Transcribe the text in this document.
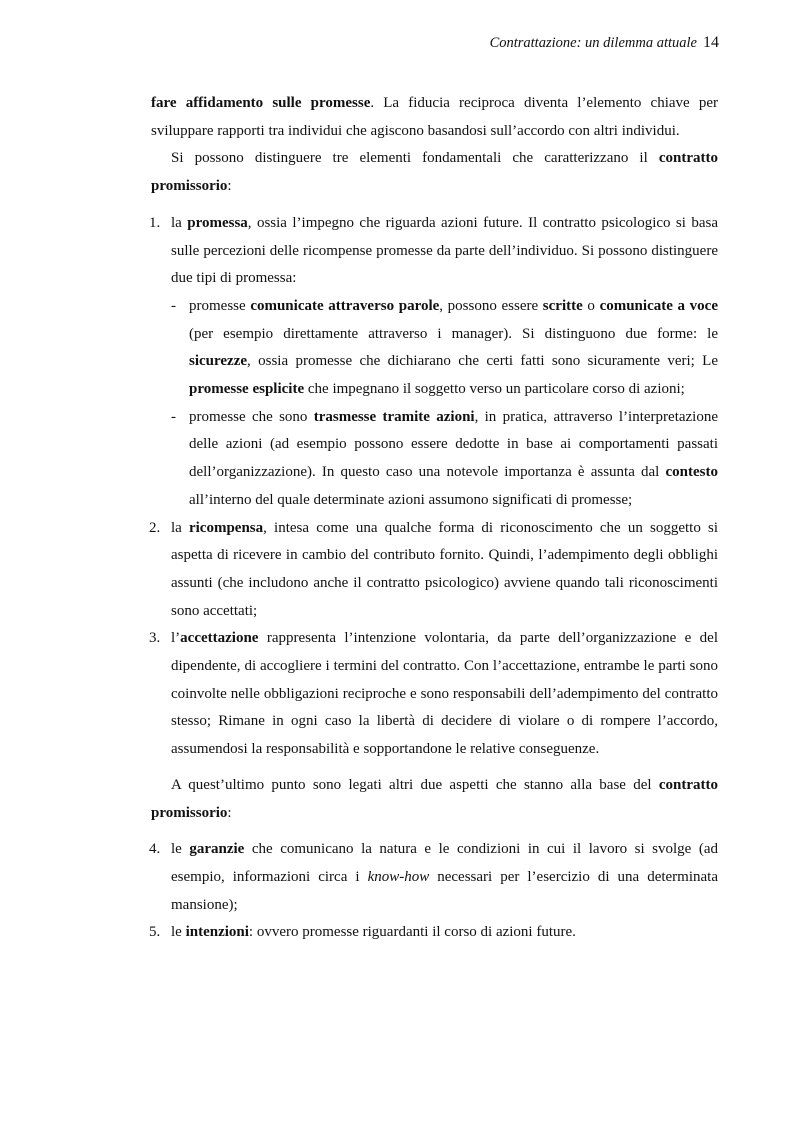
Contrattazione: un dilemma attuale 14

fare affidamento sulle promesse. La fiducia reciproca diventa l’elemento chiave per sviluppare rapporti tra individui che agiscono basandosi sull’accordo con altri individui.

Si possono distinguere tre elementi fondamentali che caratterizzano il contratto promissorio:

1. la promessa, ossia l’impegno che riguarda azioni future. Il contratto psicologico si basa sulle percezioni delle ricompense promesse da parte dell’individuo. Si possono distinguere due tipi di promessa:
- promesse comunicate attraverso parole, possono essere scritte o comunicate a voce (per esempio direttamente attraverso i manager). Si distinguono due forme: le sicurezze, ossia promesse che dichiarano che certi fatti sono sicuramente veri; Le promesse esplicite che impegnano il soggetto verso un particolare corso di azioni;
- promesse che sono trasmesse tramite azioni, in pratica, attraverso l’interpretazione delle azioni (ad esempio possono essere dedotte in base ai comportamenti passati dell’organizzazione). In questo caso una notevole importanza è assunta dal contesto all’interno del quale determinate azioni assumono significati di promesse;
2. la ricompensa, intesa come una qualche forma di riconoscimento che un soggetto si aspetta di ricevere in cambio del contributo fornito. Quindi, l’adempimento degli obblighi assunti (che includono anche il contratto psicologico) avviene quando tali riconoscimenti sono accettati;
3. l’accettazione rappresenta l’intenzione volontaria, da parte dell’organizzazione e del dipendente, di accogliere i termini del contratto. Con l’accettazione, entrambe le parti sono coinvolte nelle obbligazioni reciproche e sono responsabili dell’adempimento del contratto stesso; Rimane in ogni caso la libertà di decidere di violare o di rompere l’accordo, assumendosi la responsabilità e sopportandone le relative conseguenze.

A quest’ultimo punto sono legati altri due aspetti che stanno alla base del contratto promissorio:

4. le garanzie che comunicano la natura e le condizioni in cui il lavoro si svolge (ad esempio, informazioni circa i know-how necessari per l’esercizio di una determinata mansione);
5. le intenzioni: ovvero promesse riguardanti il corso di azioni future.
